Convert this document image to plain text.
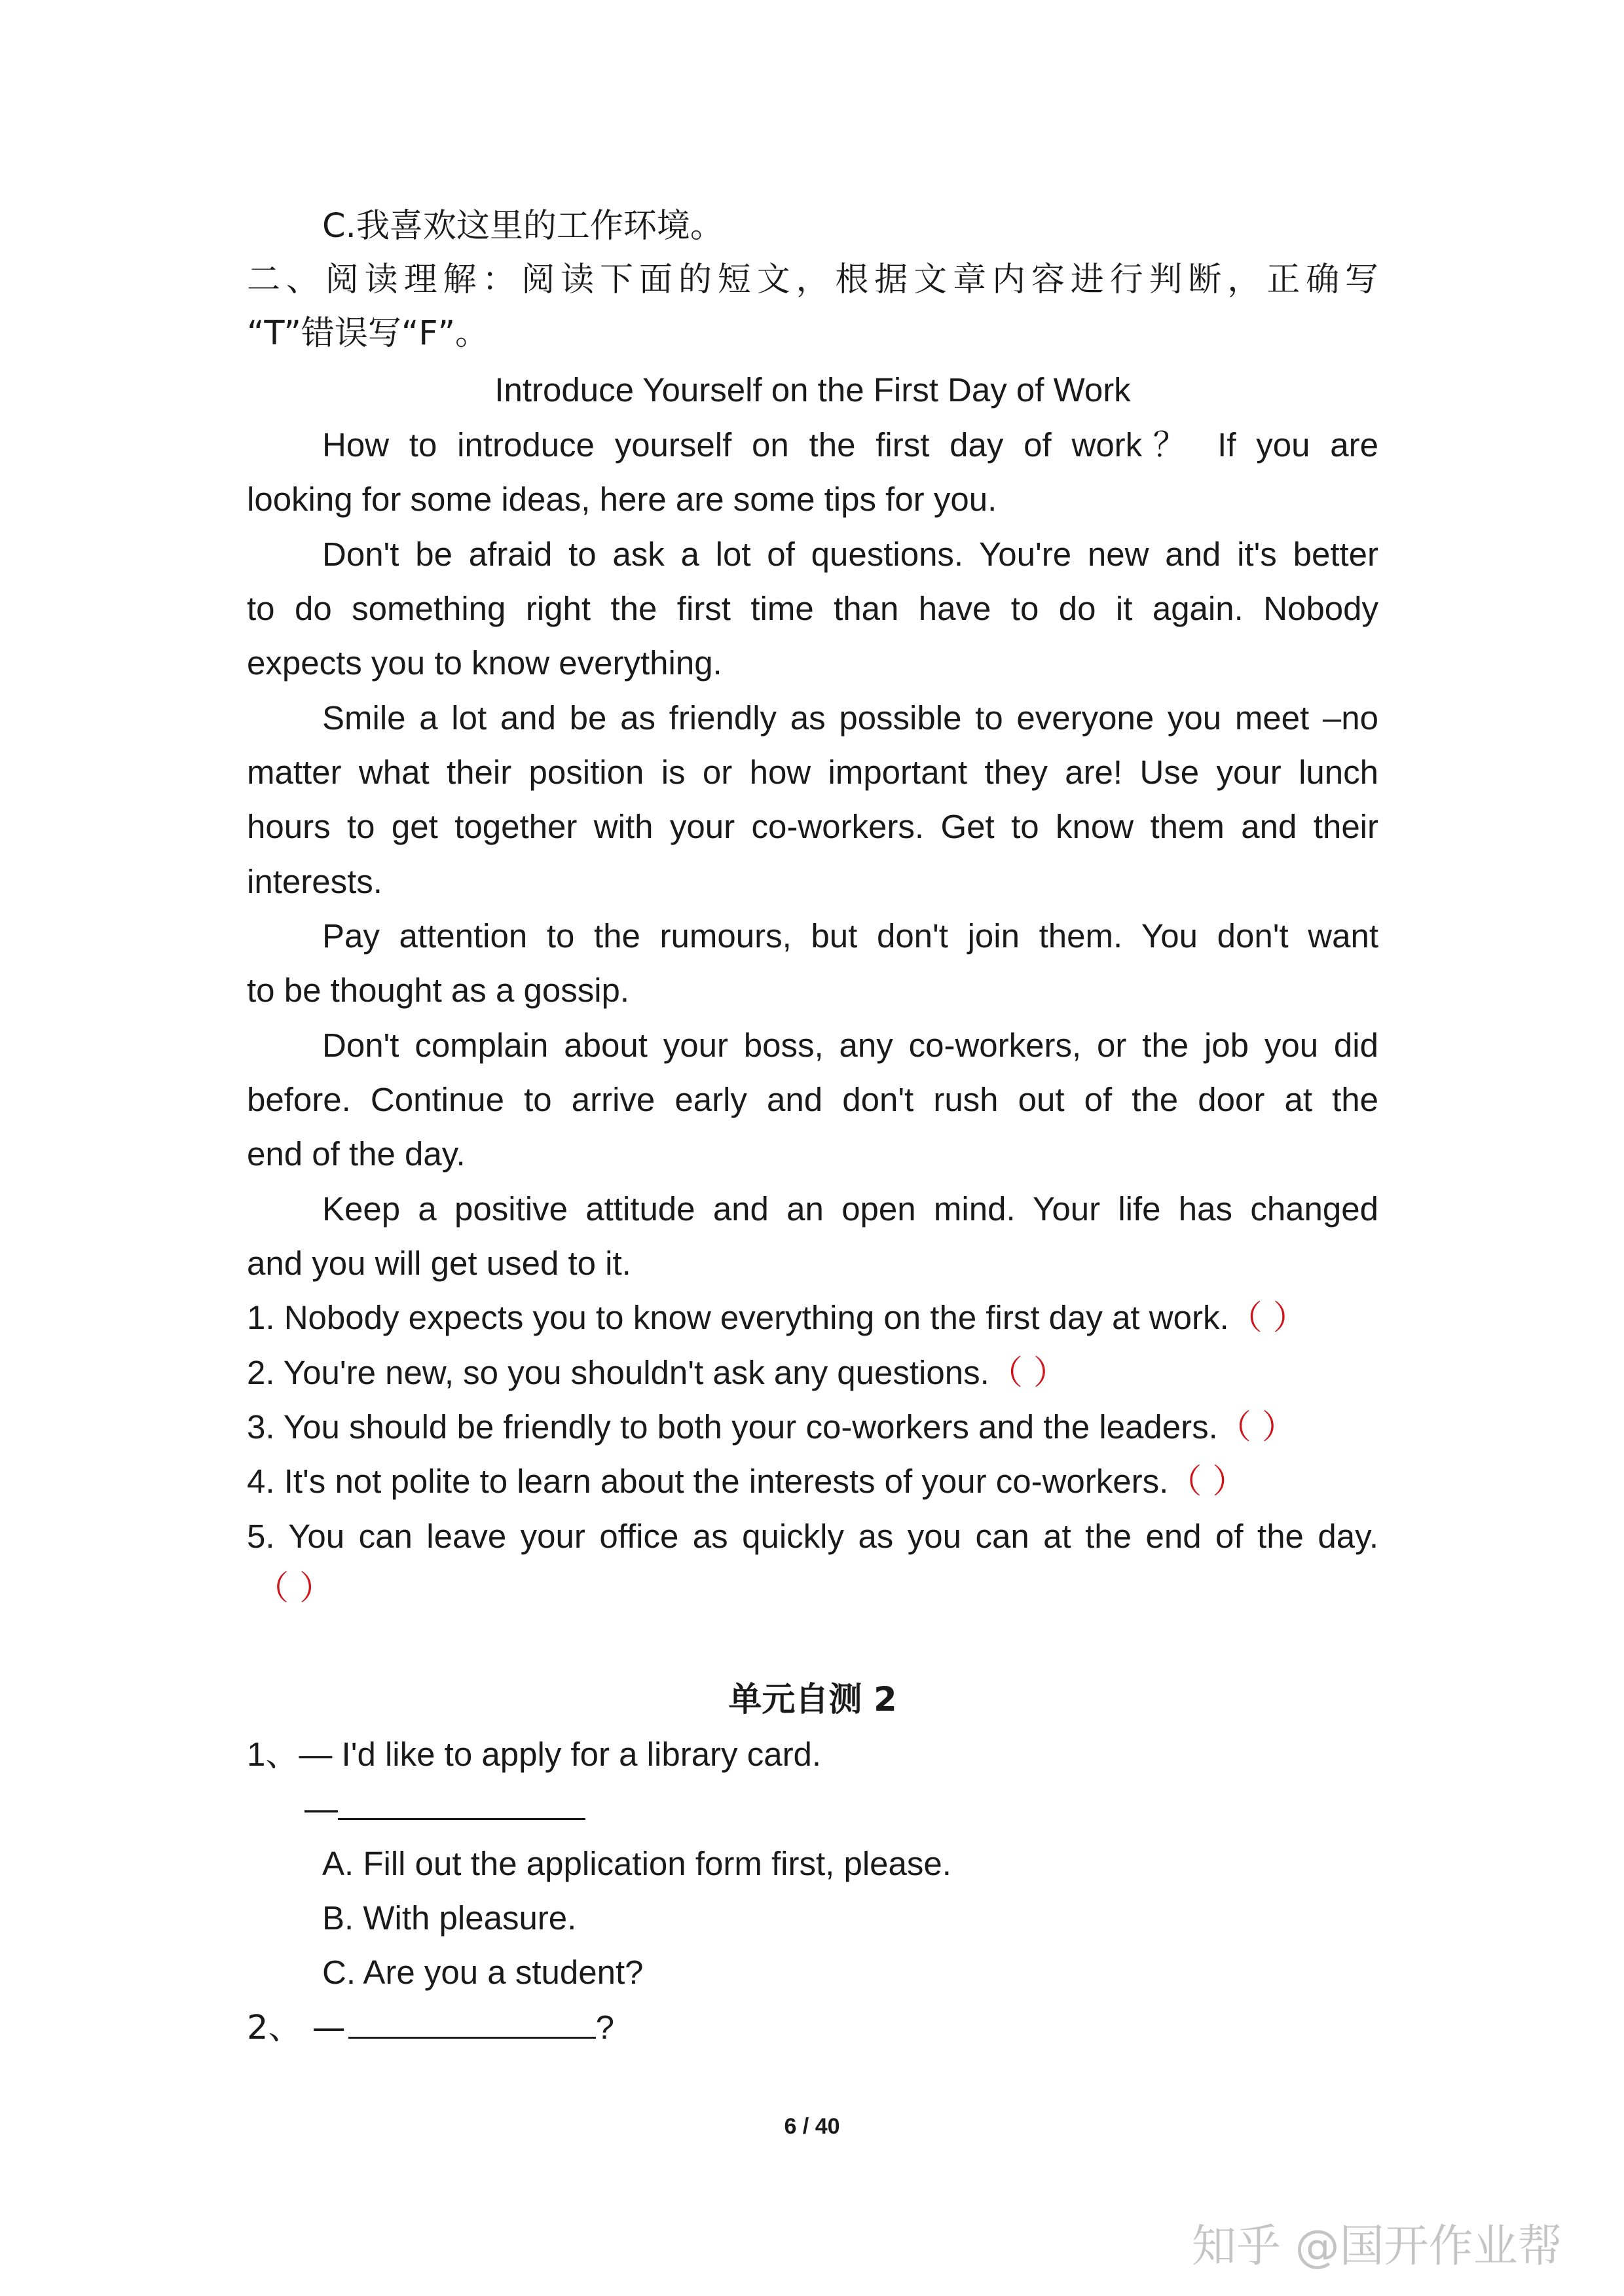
C.我喜欢这里的工作环境。
二、阅读理解：阅读下面的短文，根据文章内容进行判断，正确写
“T”错误写“F”。
Introduce Yourself on the First Day of Work
How to introduce yourself on the first day of work？ If you are
looking for some ideas, here are some tips for you.
Don't be afraid to ask a lot of questions. You're new and it's better
to do something right the first time than have to do it again. Nobody
expects you to know everything.
Smile a lot and be as friendly as possible to everyone you meet –no
matter what their position is or how important they are! Use your lunch
hours to get together with your co-workers. Get to know them and their
interests.
Pay attention to the rumours, but don't join them. You don't want
to be thought as a gossip.
Don't complain about your boss, any co-workers, or the job you did
before. Continue to arrive early and don't rush out of the door at the
end of the day.
Keep a positive attitude and an open mind. Your life has changed
and you will get used to it.
1. Nobody expects you to know everything on the first day at work.（ ）
2. You're new, so you shouldn't ask any questions.（ ）
3. You should be friendly to both your co-workers and the leaders.（ ）
4. It's not polite to learn about the interests of your co-workers.（ ）
5. You can leave your office as quickly as you can at the end of the day.
（ ）
单元自测 2
1、— I'd like to apply for a library card.
—
A. Fill out the application form first, please.
B. With pleasure.
C. Are you a student?
2、 —	?
6 / 40
知乎 @国开作业帮
